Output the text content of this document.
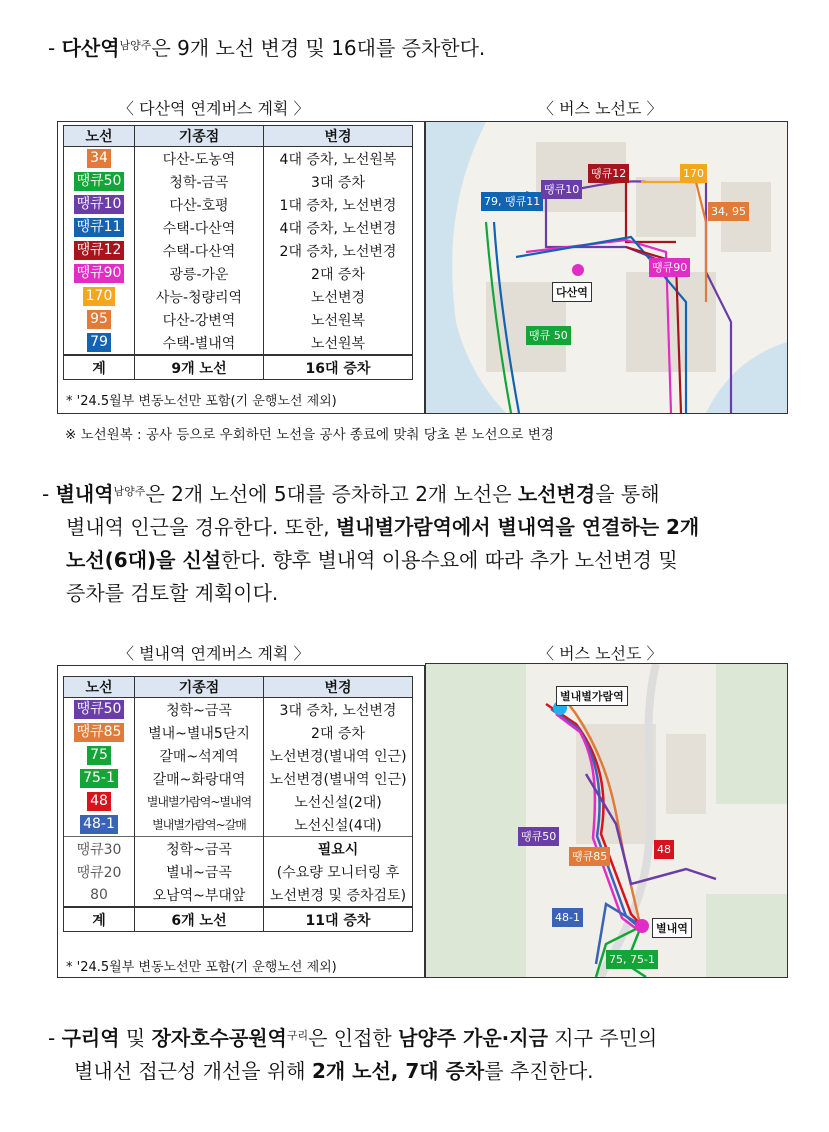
- 다산역$^{남양주}$은 9개 노선 변경 및 16대를 증차한다.
〈 다산역 연계버스 계획 〉	〈 버스 노선도 〉
노선	기종점	변경
34	다산-도농역	4대 증차, 노선원복
땡큐50	청학-금곡	3대 증차
땡큐10	다산-호평	1대 증차, 노선변경
땡큐11	수택-다산역	4대 증차, 노선변경
땡큐12	수택-다산역	2대 증차, 노선변경
땡큐90	광릉-가운	2대 증차
170	사능-청량리역	노선변경
95	다산-강변역	노선원복
79	수택-별내역	노선원복
계	9개 노선	16대 증차
* '24.5월부 변동노선만 포함(기 운행노선 제외)
79, 땡큐11
땡큐10
땡큐12	170
34, 95
땡큐90
다산역
땡큐 50
※ 노선원복 : 공사 등으로 우회하던 노선을 공사 종료에 맞춰 당초 본 노선으로 변경
- 별내역$^{남양주}$은 2개 노선에 5대를 증차하고 2개 노선은 노선변경을 통해
별내역 인근을 경유한다. 또한, 별내별가람역에서 별내역을 연결하는 2개
노선(6대)을 신설한다. 향후 별내역 이용수요에 따라 추가 노선변경 및
증차를 검토할 계획이다.
〈 별내역 연계버스 계획 〉	〈 버스 노선도 〉
노선	기종점	변경
땡큐50	청학~금곡	3대 증차, 노선변경
땡큐85	별내~별내5단지	2대 증차
75	갈매~석계역	노선변경(별내역 인근)
75-1	갈매~화랑대역	노선변경(별내역 인근)
48	별내별가람역~별내역	노선신설(2대)
48-1	별내별가람역~갈매	노선신설(4대)
땡큐30	청학~금곡	필요시
땡큐20	별내~금곡	(수요량 모니터링 후
80	오남역~부대앞	노선변경 및 증차검토)
계	6개 노선	11대 증차
* '24.5월부 변동노선만 포함(기 운행노선 제외)
별내별가람역
땡큐50
땡큐85
48
48-1
75, 75-1
별내역
- 구리역 및 장자호수공원역$^{구리}$은 인접한 남양주 가운·지금 지구 주민의
별내선 접근성 개선을 위해 2개 노선, 7대 증차를 추진한다.
